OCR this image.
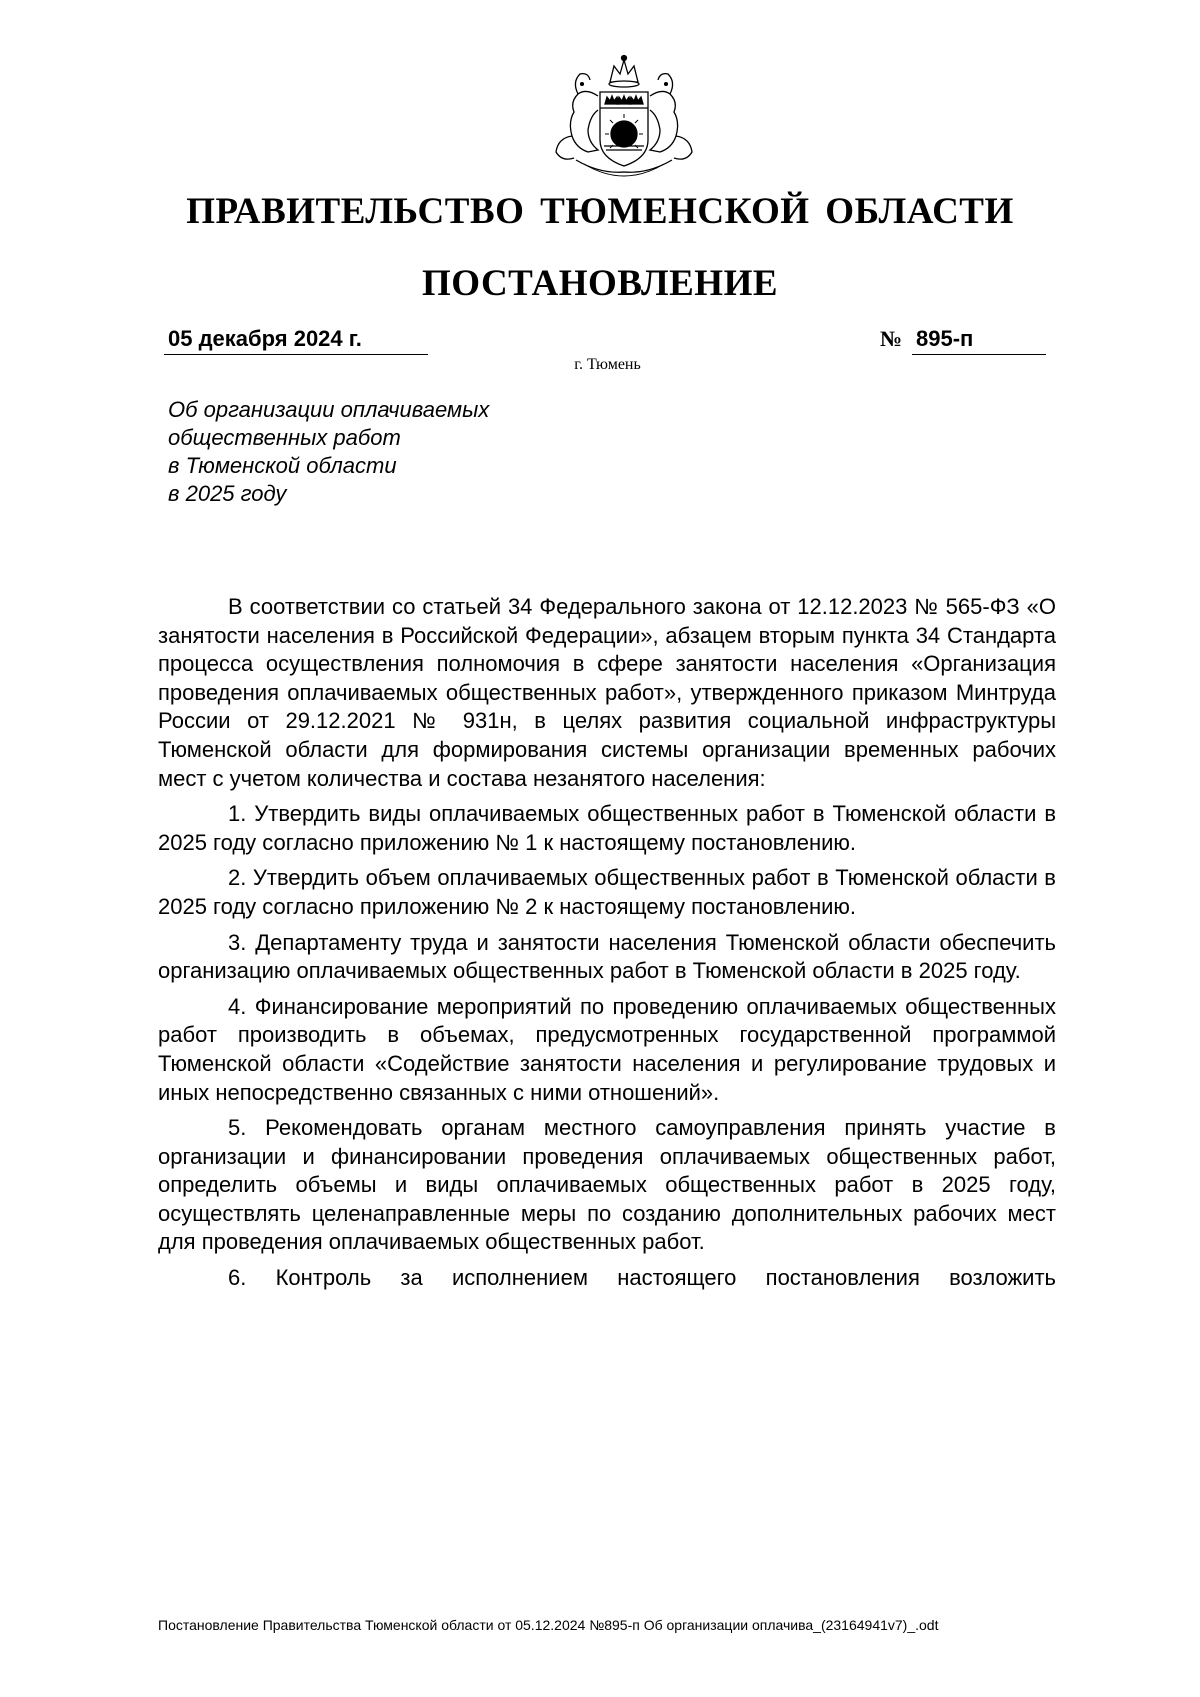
ПРАВИТЕЛЬСТВО ТЮМЕНСКОЙ ОБЛАСТИ
ПОСТАНОВЛЕНИЕ
05 декабря 2024 г.	№ 895-п
г. Тюмень
Об организации оплачиваемых
общественных работ
в Тюменской области
в 2025 году

В соответствии со статьей 34 Федерального закона от 12.12.2023 № 565-ФЗ «О занятости населения в Российской Федерации», абзацем вторым пункта 34 Стандарта процесса осуществления полномочия в сфере занятости населения «Организация проведения оплачиваемых общественных работ», утвержденного приказом Минтруда России от 29.12.2021 № 931н, в целях развития социальной инфраструктуры Тюменской области для формирования системы организации временных рабочих мест с учетом количества и состава незанятого населения:

1. Утвердить виды оплачиваемых общественных работ в Тюменской области в 2025 году согласно приложению № 1 к настоящему постановлению.

2. Утвердить объем оплачиваемых общественных работ в Тюменской области в 2025 году согласно приложению № 2 к настоящему постановлению.

3. Департаменту труда и занятости населения Тюменской области обеспечить организацию оплачиваемых общественных работ в Тюменской области в 2025 году.

4. Финансирование мероприятий по проведению оплачиваемых общественных работ производить в объемах, предусмотренных государственной программой Тюменской области «Содействие занятости населения и регулирование трудовых и иных непосредственно связанных с ними отношений».

5. Рекомендовать органам местного самоуправления принять участие в организации и финансировании проведения оплачиваемых общественных работ, определить объемы и виды оплачиваемых общественных работ в 2025 году, осуществлять целенаправленные меры по созданию дополнительных рабочих мест для проведения оплачиваемых общественных работ.

6. Контроль за исполнением настоящего постановления возложить

Постановление Правительства Тюменской области от 05.12.2024 №895-п Об организации оплачива_(23164941v7)_.odt
